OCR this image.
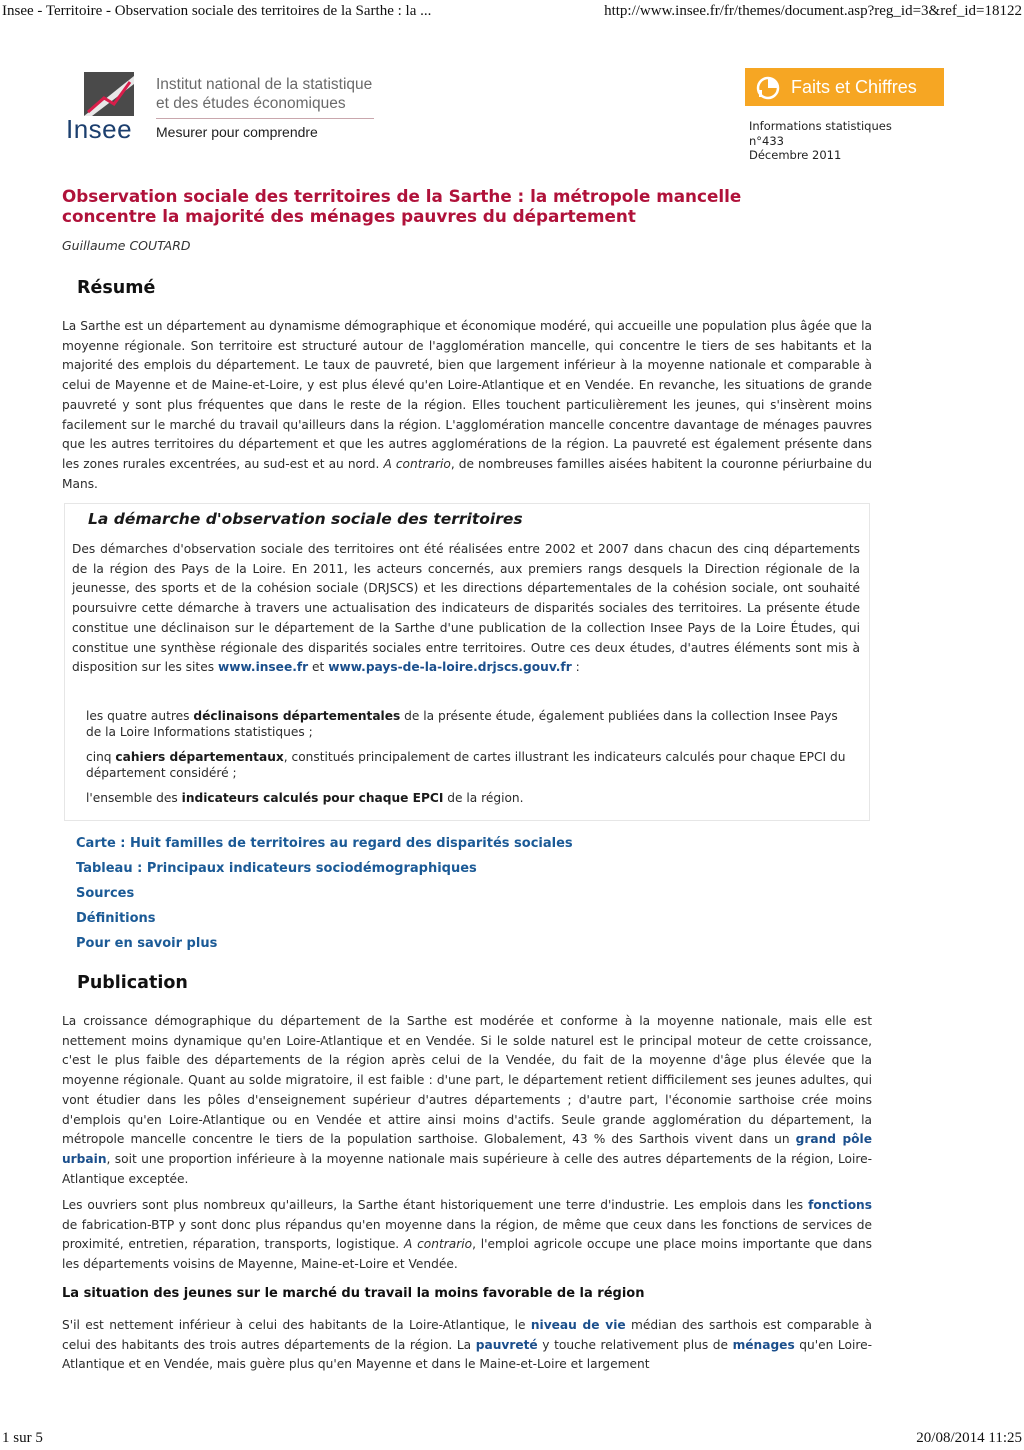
Insee - Territoire - Observation sociale des territoires de la Sarthe : la ...	http://www.insee.fr/fr/themes/document.asp?reg_id=3&ref_id=18122
Insee
Institut national de la statistique
et des études économiques
Mesurer pour comprendre
Faits et Chiffres
Informations statistiques
n°433
Décembre 2011
Observation sociale des territoires de la Sarthe : la métropole mancelle concentre la majorité des ménages pauvres du département
Guillaume COUTARD
Résumé

La Sarthe est un département au dynamisme démographique et économique modéré, qui accueille une population plus âgée que la moyenne régionale. Son territoire est structuré autour de l'agglomération mancelle, qui concentre le tiers de ses habitants et la majorité des emplois du département. Le taux de pauvreté, bien que largement inférieur à la moyenne nationale et comparable à celui de Mayenne et de Maine-et-Loire, y est plus élevé qu'en Loire-Atlantique et en Vendée. En revanche, les situations de grande pauvreté y sont plus fréquentes que dans le reste de la région. Elles touchent particulièrement les jeunes, qui s'insèrent moins facilement sur le marché du travail qu'ailleurs dans la région. L'agglomération mancelle concentre davantage de ménages pauvres que les autres territoires du département et que les autres agglomérations de la région. La pauvreté est également présente dans les zones rurales excentrées, au sud-est et au nord. A contrario, de nombreuses familles aisées habitent la couronne périurbaine du Mans.

La démarche d'observation sociale des territoires

Des démarches d'observation sociale des territoires ont été réalisées entre 2002 et 2007 dans chacun des cinq départements de la région des Pays de la Loire. En 2011, les acteurs concernés, aux premiers rangs desquels la Direction régionale de la jeunesse, des sports et de la cohésion sociale (DRJSCS) et les directions départementales de la cohésion sociale, ont souhaité poursuivre cette démarche à travers une actualisation des indicateurs de disparités sociales des territoires. La présente étude constitue une déclinaison sur le département de la Sarthe d'une publication de la collection Insee Pays de la Loire Études, qui constitue une synthèse régionale des disparités sociales entre territoires. Outre ces deux études, d'autres éléments sont mis à disposition sur les sites www.insee.fr et www.pays-de-la-loire.drjscs.gouv.fr :

les quatre autres déclinaisons départementales de la présente étude, également publiées dans la collection Insee Pays de la Loire Informations statistiques ;

cinq cahiers départementaux, constitués principalement de cartes illustrant les indicateurs calculés pour chaque EPCI du département considéré ;

l'ensemble des indicateurs calculés pour chaque EPCI de la région.

Carte : Huit familles de territoires au regard des disparités sociales
Tableau : Principaux indicateurs sociodémographiques
Sources
Définitions
Pour en savoir plus
Publication

La croissance démographique du département de la Sarthe est modérée et conforme à la moyenne nationale, mais elle est nettement moins dynamique qu'en Loire-Atlantique et en Vendée. Si le solde naturel est le principal moteur de cette croissance, c'est le plus faible des départements de la région après celui de la Vendée, du fait de la moyenne d'âge plus élevée que la moyenne régionale. Quant au solde migratoire, il est faible : d'une part, le département retient difficilement ses jeunes adultes, qui vont étudier dans les pôles d'enseignement supérieur d'autres départements ; d'autre part, l'économie sarthoise crée moins d'emplois qu'en Loire-Atlantique ou en Vendée et attire ainsi moins d'actifs. Seule grande agglomération du département, la métropole mancelle concentre le tiers de la population sarthoise. Globalement, 43 % des Sarthois vivent dans un grand pôle urbain, soit une proportion inférieure à la moyenne nationale mais supérieure à celle des autres départements de la région, Loire-Atlantique exceptée.

Les ouvriers sont plus nombreux qu'ailleurs, la Sarthe étant historiquement une terre d'industrie. Les emplois dans les fonctions de fabrication-BTP y sont donc plus répandus qu'en moyenne dans la région, de même que ceux dans les fonctions de services de proximité, entretien, réparation, transports, logistique. A contrario, l'emploi agricole occupe une place moins importante que dans les départements voisins de Mayenne, Maine-et-Loire et Vendée.

La situation des jeunes sur le marché du travail la moins favorable de la région

S'il est nettement inférieur à celui des habitants de la Loire-Atlantique, le niveau de vie médian des sarthois est comparable à celui des habitants des trois autres départements de la région. La pauvreté y touche relativement plus de ménages qu'en Loire-Atlantique et en Vendée, mais guère plus qu'en Mayenne et dans le Maine-et-Loire et largement

1 sur 5	20/08/2014 11:25
